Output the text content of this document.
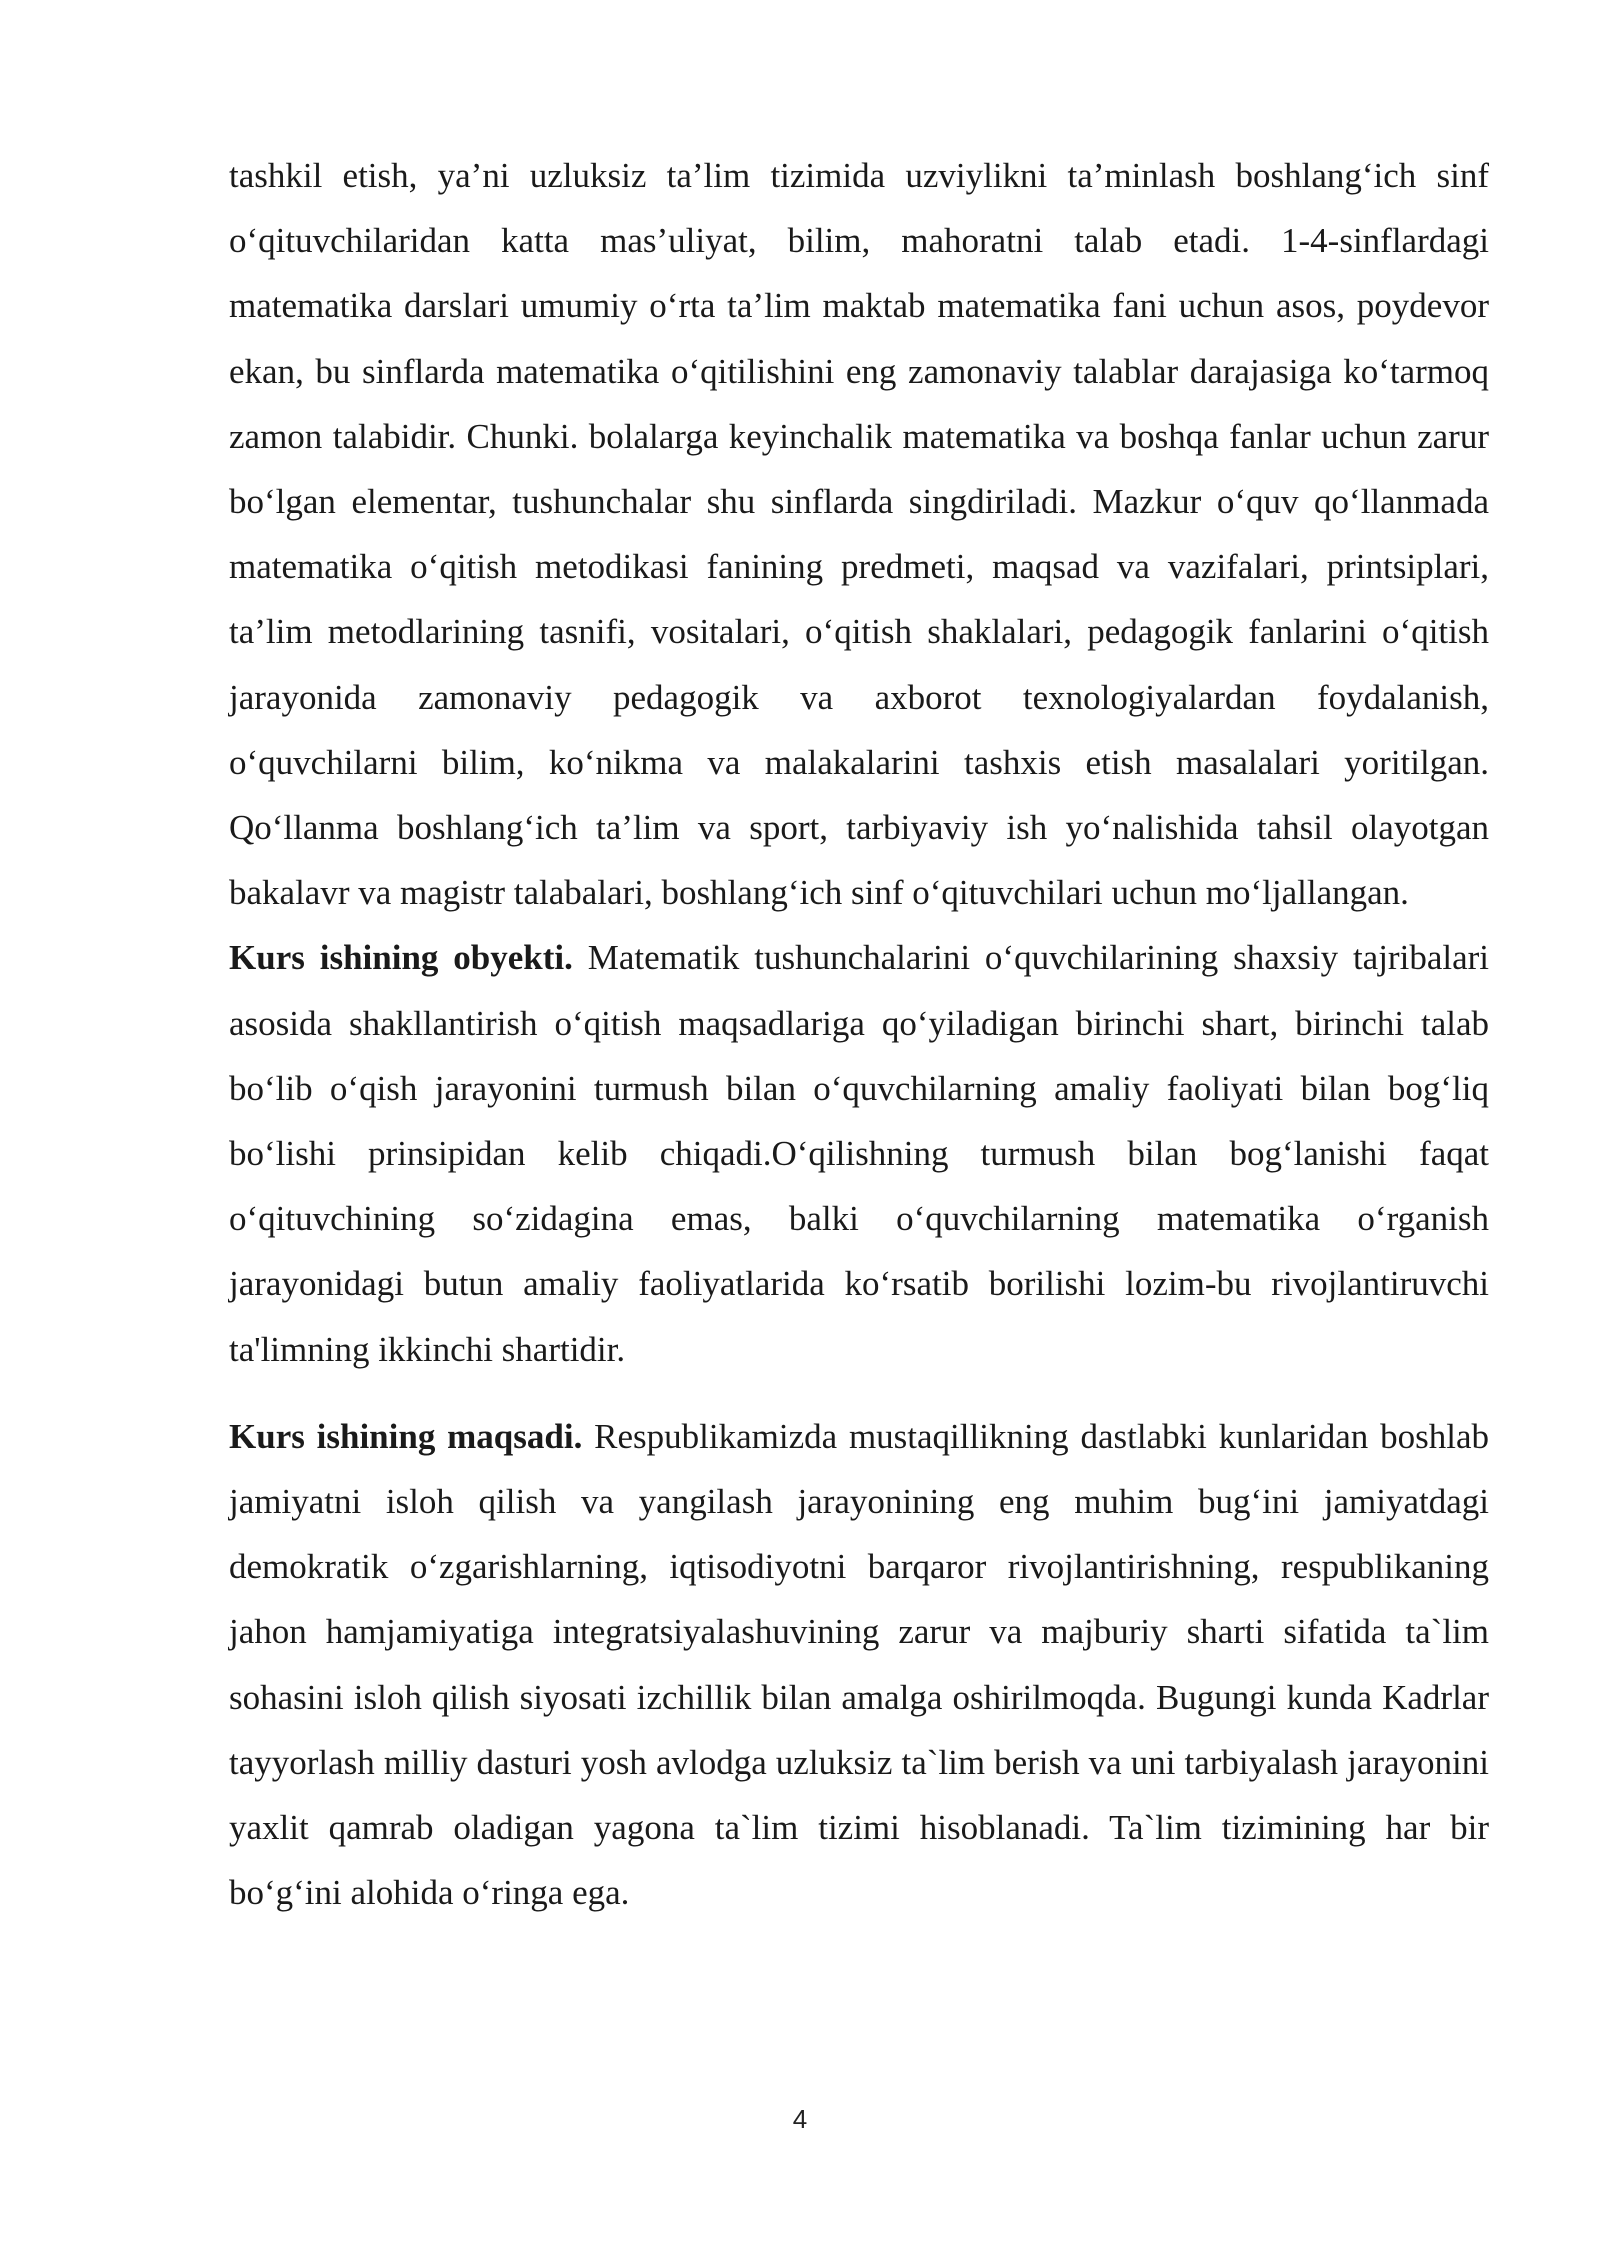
tashkil etish, ya’ni uzluksiz ta’lim tizimida uzviylikni ta’minlash boshlang‘ich sinf o‘qituvchilaridan katta mas’uliyat, bilim, mahoratni talab etadi. 1-4-sinflardagi matematika darslari umumiy o‘rta ta’lim maktab matematika fani uchun asos, poydevor ekan, bu sinflarda matematika o‘qitilishini eng zamonaviy talablar darajasiga ko‘tarmoq zamon talabidir. Chunki. bolalarga keyinchalik matematika va boshqa fanlar uchun zarur bo‘lgan elementar, tushunchalar shu sinflarda singdiriladi. Mazkur o‘quv qo‘llanmada matematika o‘qitish metodikasi fanining predmeti, maqsad va vazifalari, printsiplari, ta’lim metodlarining tasnifi, vositalari, o‘qitish shaklalari, pedagogik fanlarini o‘qitish jarayonida zamonaviy pedagogik va axborot texnologiyalardan foydalanish, o‘quvchilarni bilim, ko‘nikma va malakalarini tashxis etish masalalari yoritilgan. Qo‘llanma boshlang‘ich ta’lim va sport, tarbiyaviy ish yo‘nalishida tahsil olayotgan bakalavr va magistr talabalari, boshlang‘ich sinf o‘qituvchilari uchun mo‘ljallangan.

Kurs ishining obyekti. Matematik tushunchalarini o‘quvchilarining shaxsiy tajribalari asosida shakllantirish o‘qitish maqsadlariga qo‘yiladigan birinchi shart, birinchi talab bo‘lib o‘qish jarayonini turmush bilan o‘quvchilarning amaliy faoliyati bilan bog‘liq bo‘lishi prinsipidan kelib chiqadi.O‘qilishning turmush bilan bog‘lanishi faqat o‘qituvchining so‘zidagina emas, balki o‘quvchilarning matematika o‘rganish jarayonidagi butun amaliy faoliyatlarida ko‘rsatib borilishi lozim-bu rivojlantiruvchi ta'limning ikkinchi shartidir.

Kurs ishining maqsadi. Respublikamizda mustaqillikning dastlabki kunlaridan boshlab jamiyatni isloh qilish va yangilash jarayonining eng muhim bug‘ini jamiyatdagi demokratik o‘zgarishlarning, iqtisodiyotni barqaror rivojlantirishning, respublikaning jahon hamjamiyatiga integratsiyalashuvining zarur va majburiy sharti sifatida ta`lim sohasini isloh qilish siyosati izchillik bilan amalga oshirilmoqda. Bugungi kunda Kadrlar tayyorlash milliy dasturi yosh avlodga uzluksiz ta`lim berish va uni tarbiyalash jarayonini yaxlit qamrab oladigan yagona ta`lim tizimi hisoblanadi. Ta`lim tizimining har bir bo‘g‘ini alohida o‘ringa ega.

4
